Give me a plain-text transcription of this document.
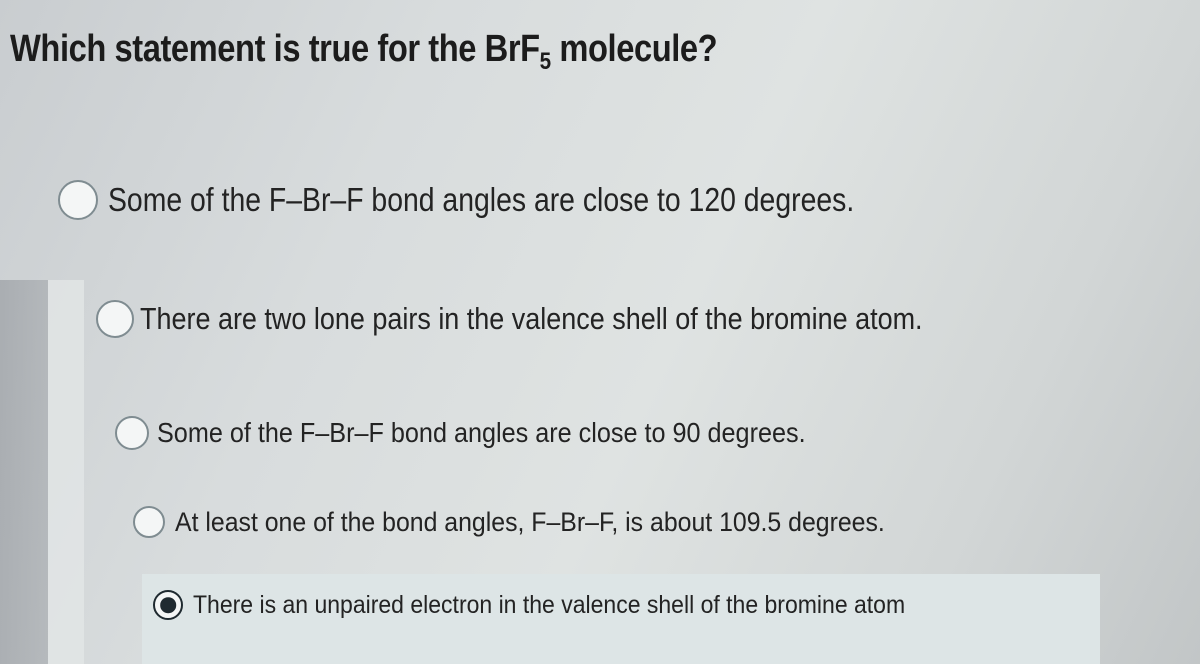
Which statement is true for the BrF$_5$ molecule?
Some of the F–Br–F bond angles are close to 120 degrees.
There are two lone pairs in the valence shell of the bromine atom.
Some of the F–Br–F bond angles are close to 90 degrees.
At least one of the bond angles, F–Br–F, is about 109.5 degrees.
There is an unpaired electron in the valence shell of the bromine atom
